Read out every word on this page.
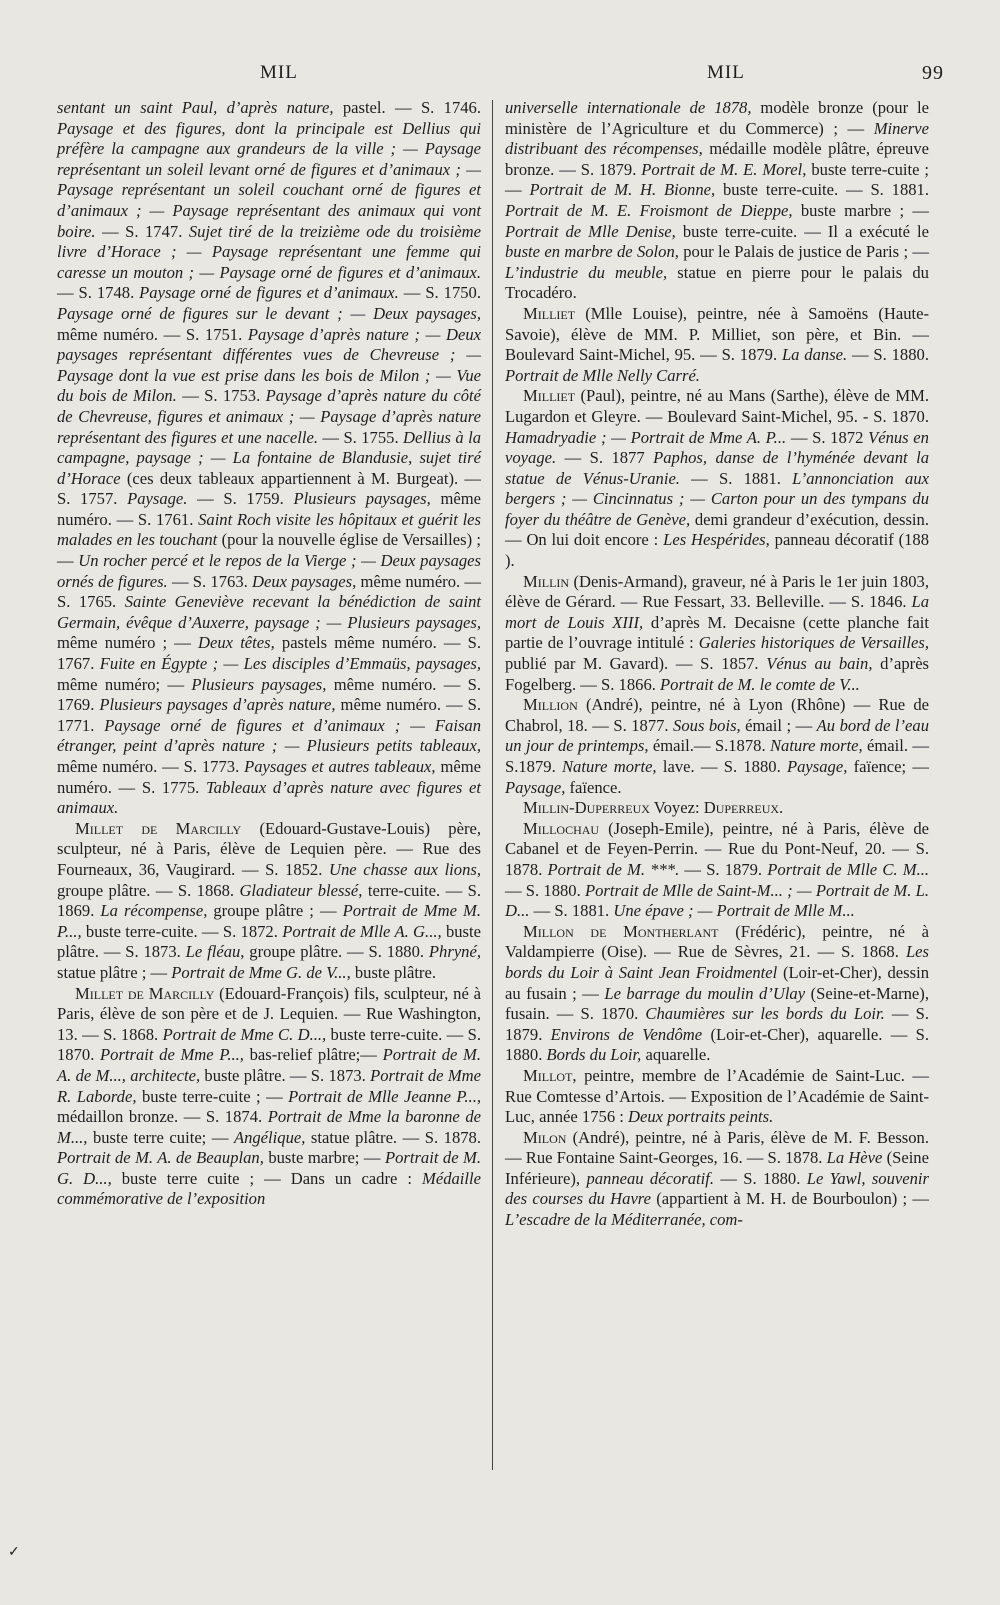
MIL	MIL	99

sentant un saint Paul, d’après nature, pastel. — S. 1746. Paysage et des figures, dont la principale est Dellius qui préfère la campagne aux grandeurs de la ville ; — Paysage représentant un soleil levant orné de figures et d’animaux ; — Paysage représentant un soleil couchant orné de figures et d’animaux ; — Paysage représentant des animaux qui vont boire. — S. 1747. Sujet tiré de la treizième ode du troisième livre d’Horace ; — Paysage représentant une femme qui caresse un mouton ; — Paysage orné de figures et d’animaux. — S. 1748. Paysage orné de figures et d’animaux. — S. 1750. Paysage orné de figures sur le devant ; — Deux paysages, même numéro. — S. 1751. Paysage d’après nature ; — Deux paysages représentant différentes vues de Chevreuse ; — Paysage dont la vue est prise dans les bois de Milon ; — Vue du bois de Milon. — S. 1753. Paysage d’après nature du côté de Chevreuse, figures et animaux ; — Paysage d’après nature représentant des figures et une nacelle. — S. 1755. Dellius à la campagne, paysage ; — La fontaine de Blandusie, sujet tiré d’Horace (ces deux tableaux appartiennent à M. Burgeat). — S. 1757. Paysage. — S. 1759. Plusieurs paysages, même numéro. — S. 1761. Saint Roch visite les hôpitaux et guérit les malades en les touchant (pour la nouvelle église de Versailles) ; — Un rocher percé et le repos de la Vierge ; — Deux paysages ornés de figures. — S. 1763. Deux paysages, même numéro. — S. 1765. Sainte Geneviève recevant la bénédiction de saint Germain, évêque d’Auxerre, paysage ; — Plusieurs paysages, même numéro ; — Deux têtes, pastels même numéro. — S. 1767. Fuite en Égypte ; — Les disciples d’Emmaüs, paysages, même numéro; — Plusieurs paysages, même numéro. — S. 1769. Plusieurs paysages d’après nature, même numéro. — S. 1771. Paysage orné de figures et d’animaux ; — Faisan étranger, peint d’après nature ; — Plusieurs petits tableaux, même numéro. — S. 1773. Paysages et autres tableaux, même numéro. — S. 1775. Tableaux d’après nature avec figures et animaux.

Millet de Marcilly (Edouard-Gustave-Louis) père, sculpteur, né à Paris, élève de Lequien père. — Rue des Fourneaux, 36, Vaugirard. — S. 1852. Une chasse aux lions, groupe plâtre. — S. 1868. Gladiateur blessé, terre-cuite. — S. 1869. La récompense, groupe plâtre ; — Portrait de Mme M. P..., buste terre-cuite. — S. 1872. Portrait de Mlle A. G..., buste plâtre. — S. 1873. Le fléau, groupe plâtre. — S. 1880. Phryné, statue plâtre ; — Portrait de Mme G. de V..., buste plâtre.

Millet de Marcilly (Edouard-François) fils, sculpteur, né à Paris, élève de son père et de J. Lequien. — Rue Washington, 13. — S. 1868. Portrait de Mme C. D..., buste terre-cuite. — S. 1870. Portrait de Mme P..., bas-relief plâtre;— Portrait de M. A. de M..., architecte, buste plâtre. — S. 1873. Portrait de Mme R. Laborde, buste terre-cuite ; — Portrait de Mlle Jeanne P..., médaillon bronze. — S. 1874. Portrait de Mme la baronne de M..., buste terre cuite; — Angélique, statue plâtre. — S. 1878. Portrait de M. A. de Beauplan, buste marbre; — Portrait de M. G. D..., buste terre cuite ; — Dans un cadre : Médaille commémorative de l’exposition

universelle internationale de 1878, modèle bronze (pour le ministère de l’Agriculture et du Commerce) ; — Minerve distribuant des récompenses, médaille modèle plâtre, épreuve bronze. — S. 1879. Portrait de M. E. Morel, buste terre-cuite ; — Portrait de M. H. Bionne, buste terre-cuite. — S. 1881. Portrait de M. E. Froismont de Dieppe, buste marbre ; — Portrait de Mlle Denise, buste terre-cuite. — Il a exécuté le buste en marbre de Solon, pour le Palais de justice de Paris ; — L’industrie du meuble, statue en pierre pour le palais du Trocadéro.

Milliet (Mlle Louise), peintre, née à Samoëns (Haute-Savoie), élève de MM. P. Milliet, son père, et Bin. — Boulevard Saint-Michel, 95. — S. 1879. La danse. — S. 1880. Portrait de Mlle Nelly Carré.

Milliet (Paul), peintre, né au Mans (Sarthe), élève de MM. Lugardon et Gleyre. — Boulevard Saint-Michel, 95. - S. 1870. Hamadryadie ; — Portrait de Mme A. P... — S. 1872 Vénus en voyage. — S. 1877 Paphos, danse de l’hyménée devant la statue de Vénus-Uranie. — S. 1881. L’annonciation aux bergers ; — Cincinnatus ; — Carton pour un des tympans du foyer du théâtre de Genève, demi grandeur d’exécution, dessin. — On lui doit encore : Les Hespérides, panneau décoratif (188 ).

Millin (Denis-Armand), graveur, né à Paris le 1er juin 1803, élève de Gérard. — Rue Fessart, 33. Belleville. — S. 1846. La mort de Louis XIII, d’après M. Decaisne (cette planche fait partie de l’ouvrage intitulé : Galeries historiques de Versailles, publié par M. Gavard). — S. 1857. Vénus au bain, d’après Fogelberg. — S. 1866. Portrait de M. le comte de V...

Million (André), peintre, né à Lyon (Rhône) — Rue de Chabrol, 18. — S. 1877. Sous bois, émail ; — Au bord de l’eau un jour de printemps, émail.— S.1878. Nature morte, émail. — S.1879. Nature morte, lave. — S. 1880. Paysage, faïence; — Paysage, faïence.

Millin-Duperreux Voyez: Duperreux.

Millochau (Joseph-Emile), peintre, né à Paris, élève de Cabanel et de Feyen-Perrin. — Rue du Pont-Neuf, 20. — S. 1878. Portrait de M. ***. — S. 1879. Portrait de Mlle C. M... — S. 1880. Portrait de Mlle de Saint-M... ; — Portrait de M. L. D... — S. 1881. Une épave ; — Portrait de Mlle M...

Millon de Montherlant (Frédéric), peintre, né à Valdampierre (Oise). — Rue de Sèvres, 21. — S. 1868. Les bords du Loir à Saint Jean Froidmentel (Loir-et-Cher), dessin au fusain ; — Le barrage du moulin d’Ulay (Seine-et-Marne), fusain. — S. 1870. Chaumières sur les bords du Loir. — S. 1879. Environs de Vendôme (Loir-et-Cher), aquarelle. — S. 1880. Bords du Loir, aquarelle.

Millot, peintre, membre de l’Académie de Saint-Luc. — Rue Comtesse d’Artois. — Exposition de l’Académie de Saint-Luc, année 1756 : Deux portraits peints.

Milon (André), peintre, né à Paris, élève de M. F. Besson. — Rue Fontaine Saint-Georges, 16. — S. 1878. La Hève (Seine Inférieure), panneau décoratif. — S. 1880. Le Yawl, souvenir des courses du Havre (appartient à M. H. de Bourboulon) ; — L’escadre de la Méditerranée, com-

✓
